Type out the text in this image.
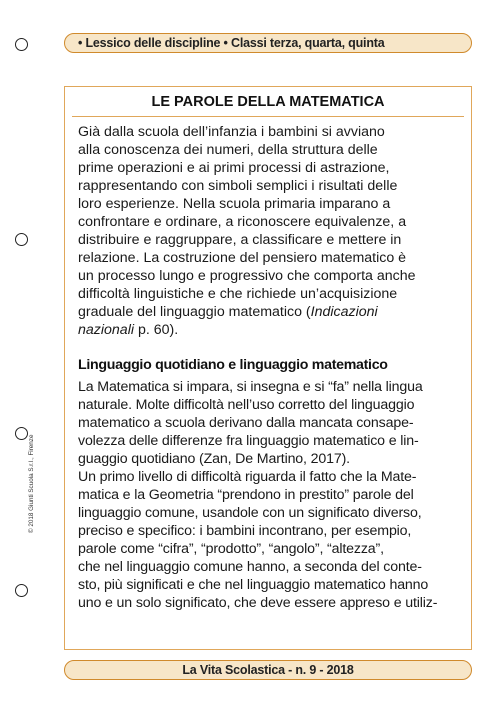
• Lessico delle discipline • Classi terza, quarta, quinta
LE PAROLE DELLA MATEMATICA
Già dalla scuola dell’infanzia i bambini si avviano
alla conoscenza dei numeri, della struttura delle
prime operazioni e ai primi processi di astrazione,
rappresentando con simboli semplici i risultati delle
loro esperienze. Nella scuola primaria imparano a
confrontare e ordinare, a riconoscere equivalenze, a
distribuire e raggruppare, a classificare e mettere in
relazione. La costruzione del pensiero matematico è
un processo lungo e progressivo che comporta anche
difficoltà linguistiche e che richiede un’acquisizione
graduale del linguaggio matematico (Indicazioni
nazionali p. 60).
Linguaggio quotidiano e linguaggio matematico
La Matematica si impara, si insegna e si “fa” nella lingua
naturale. Molte difficoltà nell’uso corretto del linguaggio
matematico a scuola derivano dalla mancata consape-
volezza delle differenze fra linguaggio matematico e lin-
guaggio quotidiano (Zan, De Martino, 2017).
Un primo livello di difficoltà riguarda il fatto che la Mate-
matica e la Geometria “prendono in prestito” parole del
linguaggio comune, usandole con un significato diverso,
preciso e specifico: i bambini incontrano, per esempio,
parole come “cifra”, “prodotto”, “angolo”, “altezza”,
che nel linguaggio comune hanno, a seconda del conte-
sto, più significati e che nel linguaggio matematico hanno
uno e un solo significato, che deve essere appreso e utiliz-
© 2018 Giunti Scuola S.r.l., Firenze
La Vita Scolastica - n. 9 - 2018
